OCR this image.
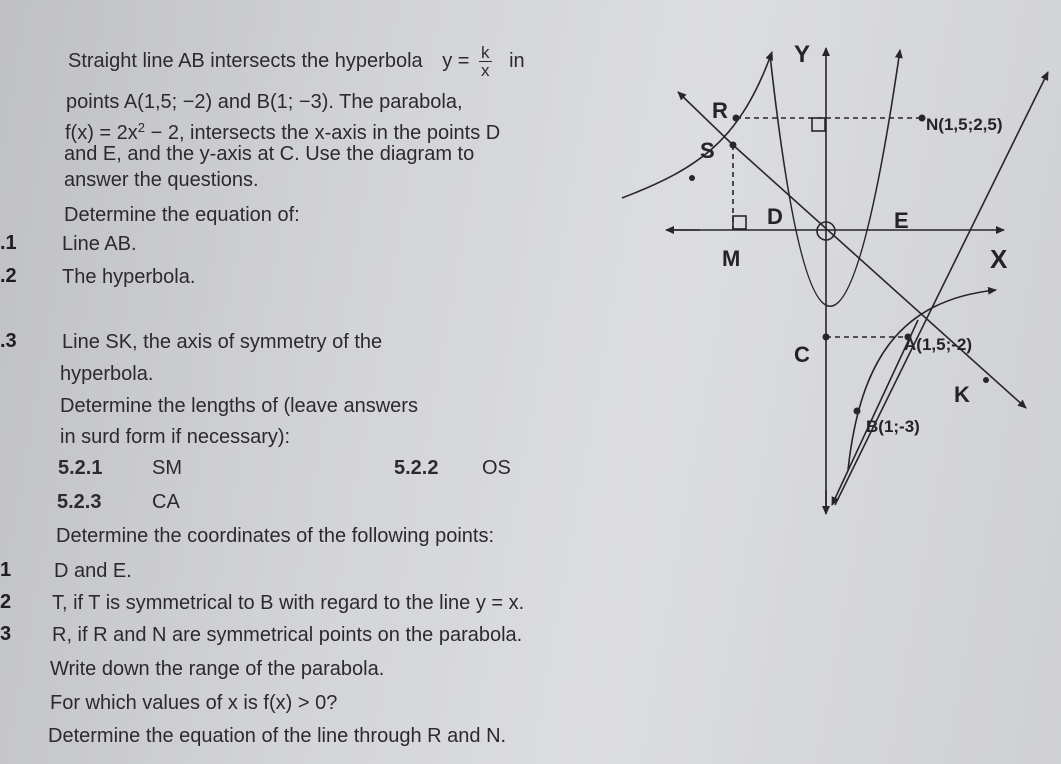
Straight line AB intersects the hyperbola $y = \frac{k}{x}$ in
points A(1,5; −2) and B(1; −3). The parabola,
$f(x) = 2x^2 - 2$, intersects the x-axis in the points D
and E, and the y-axis at C. Use the diagram to
answer the questions.
Determine the equation of:
.1 Line AB.
.2 The hyperbola.
.3 Line SK, the axis of symmetry of the
hyperbola.
Determine the lengths of (leave answers
in surd form if necessary):
5.2.1 SM	5.2.2 OS
5.2.3	CA
Determine the coordinates of the following points:
1 D and E.
2 T, if T is symmetrical to B with regard to the line y = x.
3 R, if R and N are symmetrical points on the parabola.
Write down the range of the parabola.
For which values of x is f(x) > 0?
Determine the equation of the line through R and N.
Y
X
R
S
M
D	E
C
K
N(1,5;2,5)
A(1,5;-2)
B(1;-3)
